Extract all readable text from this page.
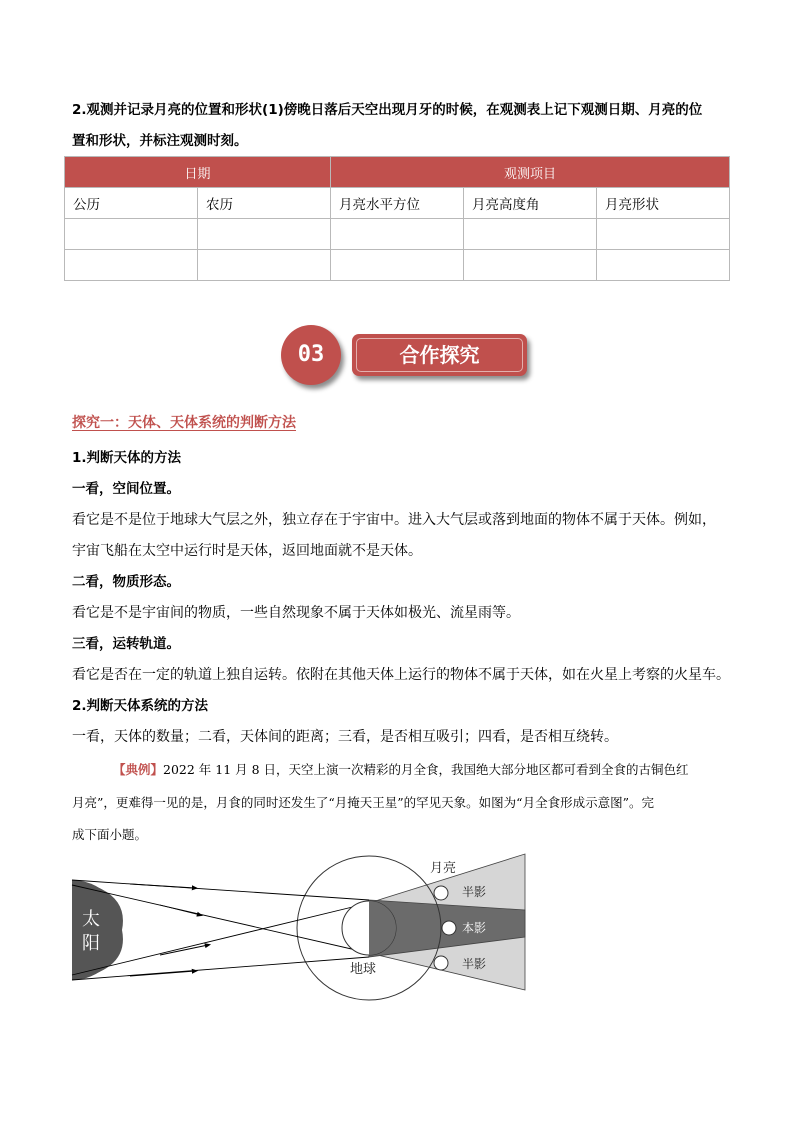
2.观测并记录月亮的位置和形状(1)傍晚日落后天空出现月牙的时候，在观测表上记下观测日期、月亮的位
置和形状，并标注观测时刻。
日期		观测项目		
公历	农历	月亮水平方位	月亮高度角	月亮形状

03	合作探究
探究一：天体、天体系统的判断方法
1.判断天体的方法
一看，空间位置。
看它是不是位于地球大气层之外，独立存在于宇宙中。进入大气层或落到地面的物体不属于天体。例如，
宇宙飞船在太空中运行时是天体，返回地面就不是天体。
二看，物质形态。
看它是不是宇宙间的物质，一些自然现象不属于天体如极光、流星雨等。
三看，运转轨道。
看它是否在一定的轨道上独自运转。依附在其他天体上运行的物体不属于天体，如在火星上考察的火星车。
2.判断天体系统的方法
一看，天体的数量；二看，天体间的距离；三看，是否相互吸引；四看，是否相互绕转。
【典例】2022 年 11 月 8 日，天空上演一次精彩的月全食，我国绝大部分地区都可看到全食的古铜色红
月亮”，更难得一见的是，月食的同时还发生了“月掩天王星”的罕见天象。如图为“月全食形成示意图”。完
成下面小题。
太
阳
地球
月亮
半影
本影
半影
